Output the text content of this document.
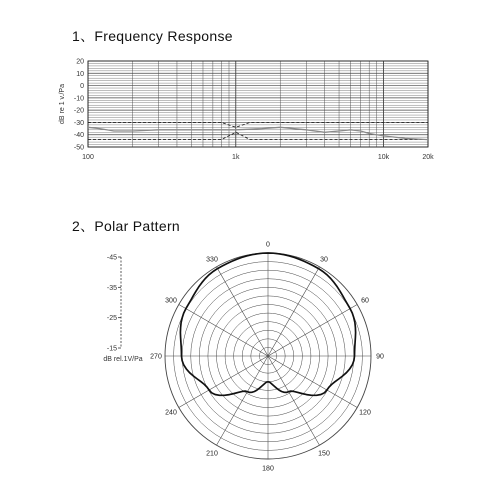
1、Frequency Response
2、Polar Pattern
20
10
0
-10
-20
-30
-40
-50
100	1k	10k	20k
dB re 1 v./Pa
0
30
60
90
120
150
180
210
240
270
300
330
-45
-35
-25
-15
dB rel.1V/Pa
